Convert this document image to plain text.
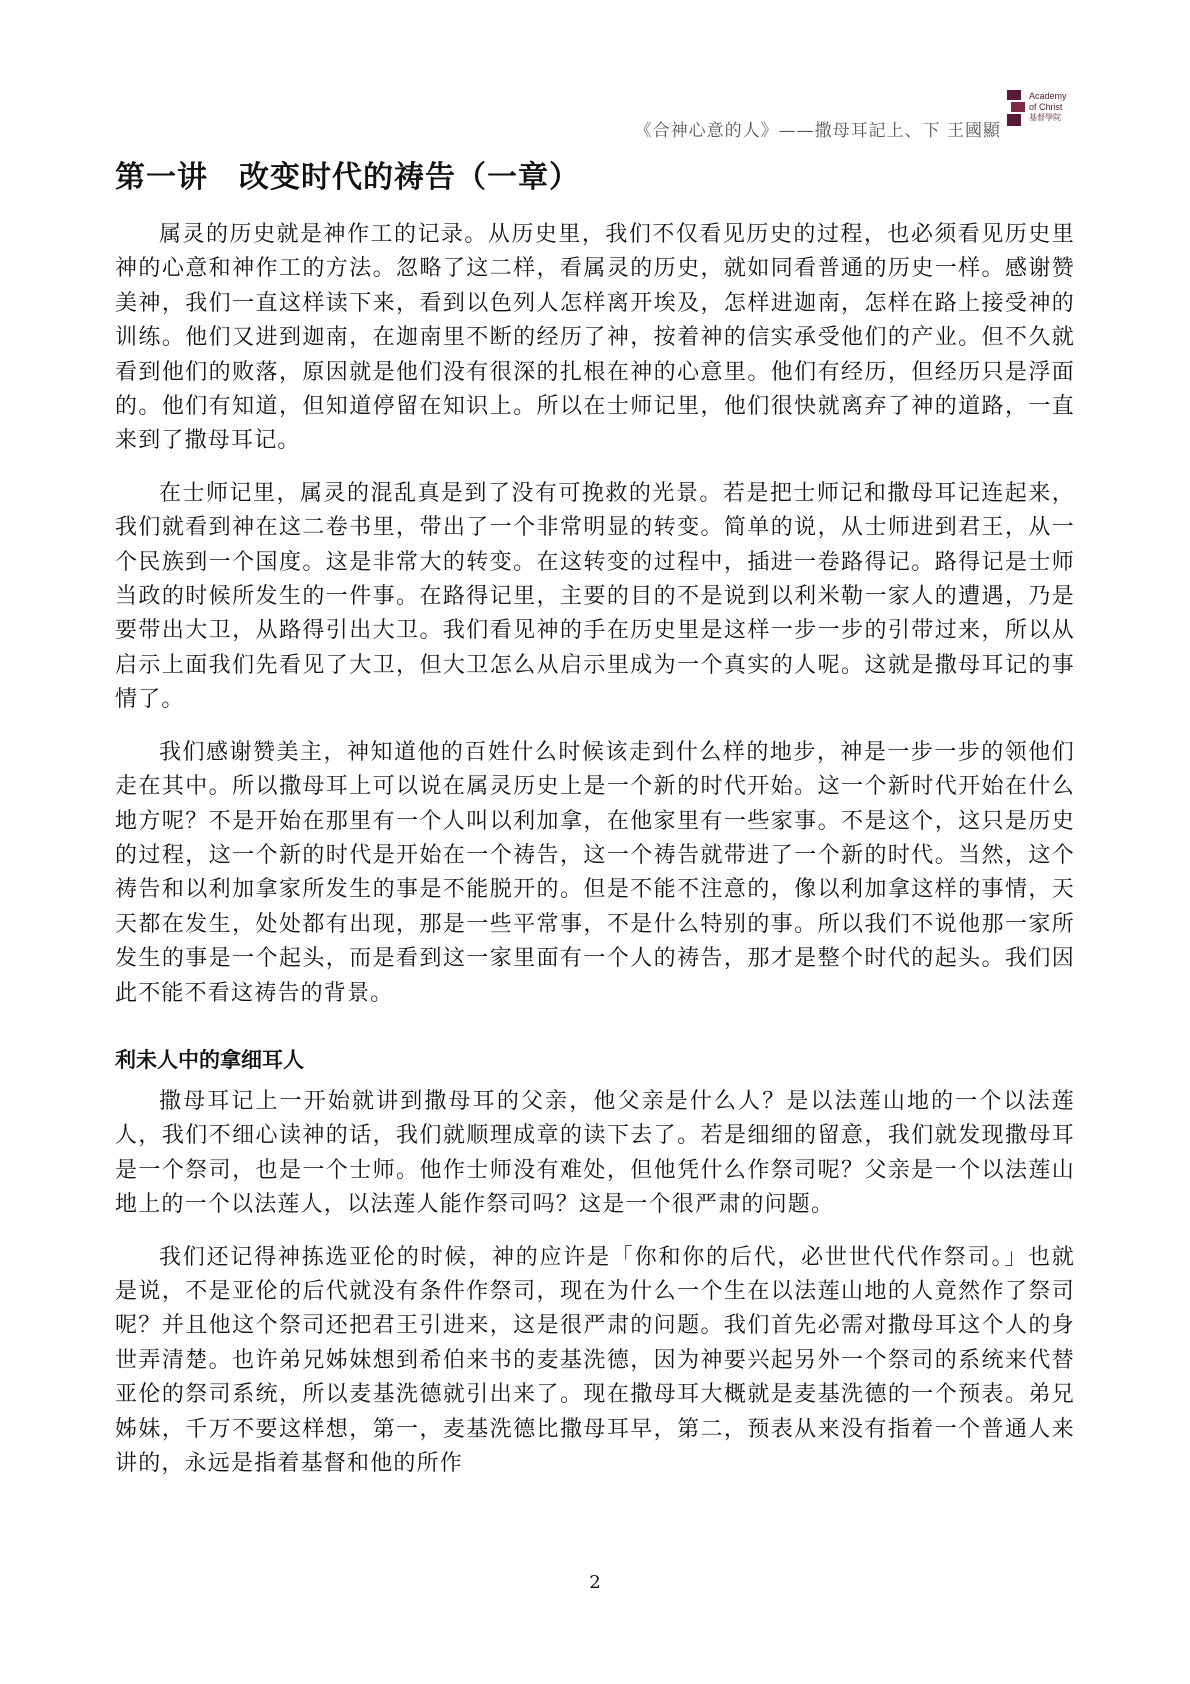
《合神心意的人》——撒母耳記上、下 王國顯
Academy
of Christ
基督學院
第一讲　改变时代的祷告（一章）

属灵的历史就是神作工的记录。从历史里，我们不仅看见历史的过程，也必须看见历史里神的心意和神作工的方法。忽略了这二样，看属灵的历史，就如同看普通的历史一样。感谢赞美神，我们一直这样读下来，看到以色列人怎样离开埃及，怎样进迦南，怎样在路上接受神的训练。他们又进到迦南，在迦南里不断的经历了神，按着神的信实承受他们的产业。但不久就看到他们的败落，原因就是他们没有很深的扎根在神的心意里。他们有经历，但经历只是浮面的。他们有知道，但知道停留在知识上。所以在士师记里，他们很快就离弃了神的道路，一直来到了撒母耳记。

在士师记里，属灵的混乱真是到了没有可挽救的光景。若是把士师记和撒母耳记连起来，我们就看到神在这二卷书里，带出了一个非常明显的转变。简单的说，从士师进到君王，从一个民族到一个国度。这是非常大的转变。在这转变的过程中，插进一卷路得记。路得记是士师当政的时候所发生的一件事。在路得记里，主要的目的不是说到以利米勒一家人的遭遇，乃是要带出大卫，从路得引出大卫。我们看见神的手在历史里是这样一步一步的引带过来，所以从启示上面我们先看见了大卫，但大卫怎么从启示里成为一个真实的人呢。这就是撒母耳记的事情了。

我们感谢赞美主，神知道他的百姓什么时候该走到什么样的地步，神是一步一步的领他们走在其中。所以撒母耳上可以说在属灵历史上是一个新的时代开始。这一个新时代开始在什么地方呢？不是开始在那里有一个人叫以利加拿，在他家里有一些家事。不是这个，这只是历史的过程，这一个新的时代是开始在一个祷告，这一个祷告就带进了一个新的时代。当然，这个祷告和以利加拿家所发生的事是不能脱开的。但是不能不注意的，像以利加拿这样的事情，天天都在发生，处处都有出现，那是一些平常事，不是什么特别的事。所以我们不说他那一家所发生的事是一个起头，而是看到这一家里面有一个人的祷告，那才是整个时代的起头。我们因此不能不看这祷告的背景。

利未人中的拿细耳人

撒母耳记上一开始就讲到撒母耳的父亲，他父亲是什么人？是以法莲山地的一个以法莲人，我们不细心读神的话，我们就顺理成章的读下去了。若是细细的留意，我们就发现撒母耳是一个祭司，也是一个士师。他作士师没有难处，但他凭什么作祭司呢？父亲是一个以法莲山地上的一个以法莲人，以法莲人能作祭司吗？这是一个很严肃的问题。

我们还记得神拣选亚伦的时候，神的应许是「你和你的后代，必世世代代作祭司。」也就是说，不是亚伦的后代就没有条件作祭司，现在为什么一个生在以法莲山地的人竟然作了祭司呢？并且他这个祭司还把君王引进来，这是很严肃的问题。我们首先必需对撒母耳这个人的身世弄清楚。也许弟兄姊妹想到希伯来书的麦基洗德，因为神要兴起另外一个祭司的系统来代替亚伦的祭司系统，所以麦基洗德就引出来了。现在撒母耳大概就是麦基洗德的一个预表。弟兄姊妹，千万不要这样想，第一，麦基洗德比撒母耳早，第二，预表从来没有指着一个普通人来讲的，永远是指着基督和他的所作

2
